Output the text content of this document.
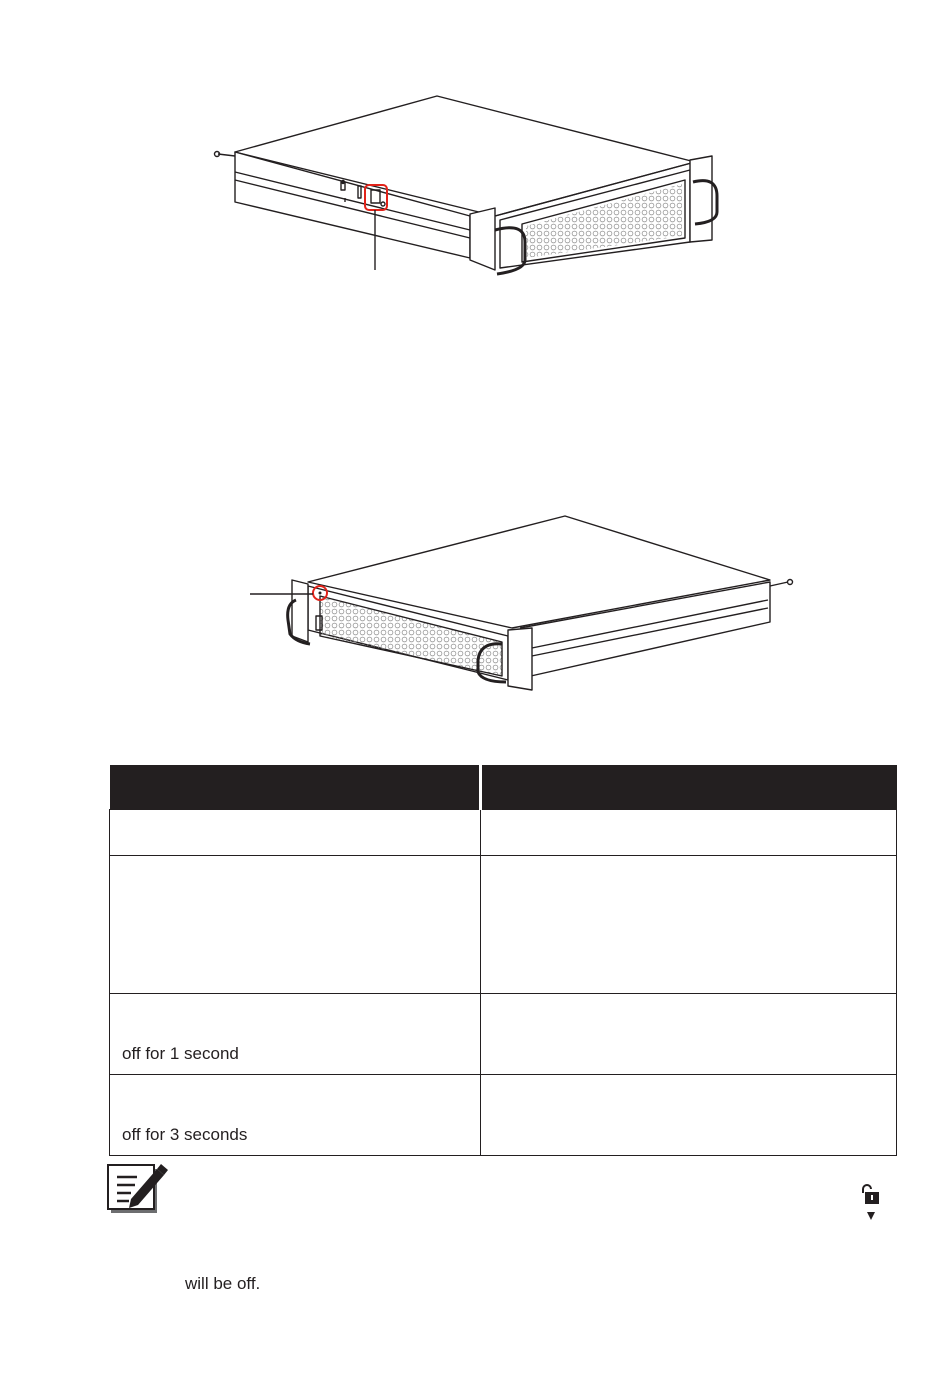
off for 1 second	
off for 3 seconds	
will be off.
